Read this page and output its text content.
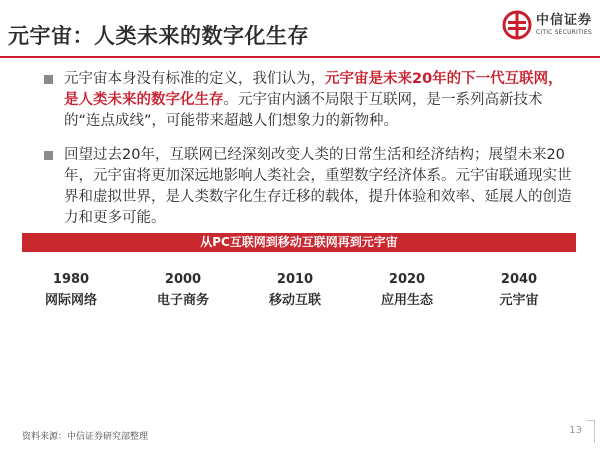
元宇宙：人类未来的数字化生存
中信证券
CITIC SECURITIES
元宇宙本身没有标准的定义，我们认为，元宇宙是未来20年的下一代互联网，是人类未来的数字化生存。元宇宙内涵不局限于互联网，是一系列高新技术的“连点成线”，可能带来超越人们想象力的新物种。
回望过去20年，互联网已经深刻改变人类的日常生活和经济结构；展望未来20年，元宇宙将更加深远地影响人类社会，重塑数字经济体系。元宇宙联通现实世界和虚拟世界，是人类数字化生存迁移的载体，提升体验和效率、延展人的创造力和更多可能。
从PC互联网到移动互联网再到元宇宙
1980
网际网络
2000
电子商务
2010
移动互联
2020
应用生态
2040
元宇宙
资料来源：中信证券研究部整理
13
